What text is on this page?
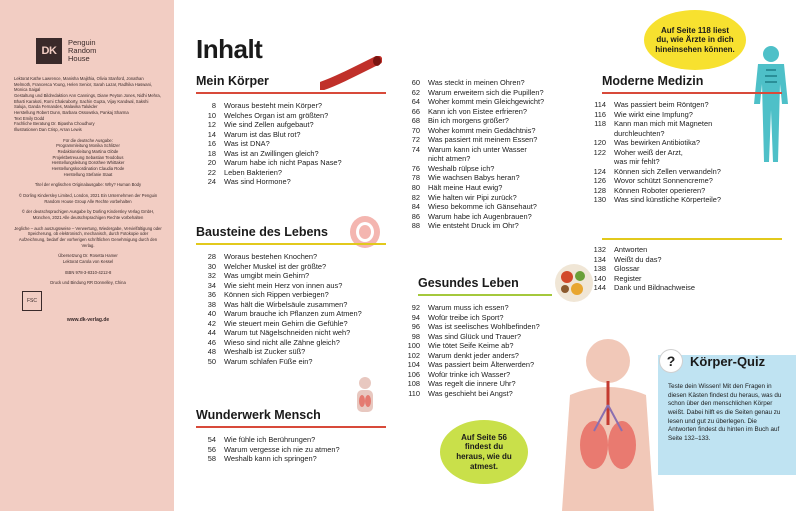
DK
Penguin
Random
House
Lektorat Kathe Lawrence, Manisha Majithia, Olivia Stanford, Jonathan Melmoth, Francesca Young, Helen Senior, Sarah Lazar, Radhika Haswani, Monica Saigal
Gestaltung und Bildredaktion Ann Cannings, Diane Peyton Jones, Nidhi Mehra, Bharti Karakoti, Romi Chakraborty, Sachin Gupta, Vijay Kandwal, Sakshi Saluja, Ganda Fernandes, Malavika Talukder
Herstellung Robert Dunn, Barbara Ossowska, Pankaj Sharma
Text Emily Dodd
Fachliche Beratung Dr. Bipasha Choudhury

Illustrationen Dan Crisp, Arran Lewis

Für die deutsche Ausgabe:
Programmleitung Monika Schlitzer
Redaktionsleitung Martina Glöde
Projektbetreuung Sebastian Teodobus
Herstellungsleitung Dorothee Whittaker
Herstellungskoordination Claudia Rode

Herstellung Stefanie Staat

Titel der englischen Originalausgabe: Why? Human Body

© Dorling Kindersley Limited, London, 2021 Ein Unternehmen der Penguin Random House Group Alle Rechte vorbehalten

© der deutschsprachigen Ausgabe by Dorling Kindersley Verlag GmbH, München, 2021 Alle deutschsprachigen Rechte vorbehalten

Jegliche – auch auszugsweise – Verwertung, Wiedergabe, Vervielfältigung oder Speicherung, ob elektronisch, mechanisch, durch Fotokopie oder Aufzeichnung, bedarf der vorherigen schriftlichen Genehmigung durch den Verlag.

Übersetzung Dr. Rosetta Hamer

Lektorat Carola von Kessel

ISBN 978-3-8310-4212-8

Druck und Bindung RR Donnelley, China

FSC
www.dk-verlag.de
Inhalt
Mein Körper
8	Woraus besteht mein Körper?
10	Welches Organ ist am größten?
12	Wie sind Zellen aufgebaut?
14	Warum ist das Blut rot?
16	Was ist DNA?
18	Was ist an Zwillingen gleich?
20	Warum habe ich nicht Papas Nase?
22	Leben Bakterien?
24	Was sind Hormone?
Bausteine des Lebens
28	Woraus bestehen Knochen?
30	Welcher Muskel ist der größte?
32	Was umgibt mein Gehirn?
34	Wie sieht mein Herz von innen aus?
36	Können sich Rippen verbiegen?
38	Was hält die Wirbelsäule zusammen?
40	Warum brauche ich Pflanzen zum Atmen?
42	Wie steuert mein Gehirn die Gefühle?
44	Warum tut Nägelschneiden nicht weh?
46	Wieso sind nicht alle Zähne gleich?
48	Weshalb ist Zucker süß?
50	Warum schlafen Füße ein?
Wunderwerk Mensch
54	Wie fühle ich Berührungen?
56	Warum vergesse ich nie zu atmen?
58	Weshalb kann ich springen?
60	Was steckt in meinen Ohren?
62	Warum erweitern sich die Pupillen?
64	Woher kommt mein Gleichgewicht?
66	Kann ich von Eistee erfrieren?
68	Bin ich morgens größer?
70	Woher kommt mein Gedächtnis?
72	Was passiert mit meinem Essen?
74	Warum kann ich unter Wasser
nicht atmen?
76	Weshalb rülpse ich?
78	Wie wachsen Babys heran?
80	Hält meine Haut ewig?
82	Wie halten wir Pipi zurück?
84	Wieso bekomme ich Gänsehaut?
86	Warum habe ich Augenbrauen?
88	Wie entsteht Druck im Ohr?
Gesundes Leben
92	Warum muss ich essen?
94	Wofür treibe ich Sport?
96	Was ist seelisches Wohlbefinden?
98	Was sind Glück und Trauer?
100	Wie tötet Seife Keime ab?
102	Warum denkt jeder anders?
104	Was passiert beim Älterwerden?
106	Wofür trinke ich Wasser?
108	Was regelt die innere Uhr?
110	Was geschieht bei Angst?
Moderne Medizin
114	Was passiert beim Röntgen?
116	Wie wirkt eine Impfung?
118	Kann man mich mit Magneten
durchleuchten?
120	Was bewirken Antibiotika?
122	Woher weiß der Arzt,
was mir fehlt?
124	Können sich Zellen verwandeln?
126	Wovor schützt Sonnencreme?
128	Können Roboter operieren?
130	Was sind künstliche Körperteile?
132	Antworten
134	Weißt du das?
138	Glossar
140	Register
144	Dank und Bildnachweise
Auf Seite 118 liest du, wie Ärzte in dich hineinsehen können.
Auf Seite 56 findest du heraus, wie du atmest.
Teste dein Wissen! Mit den Fragen in diesen Kästen findest du heraus, was du schon über den menschlichen Körper weißt. Dabei hilft es die Seiten genau zu lesen und gut zu überlegen. Die Antworten findest du hinten im Buch auf Seite 132–133.
?	Körper-Quiz
